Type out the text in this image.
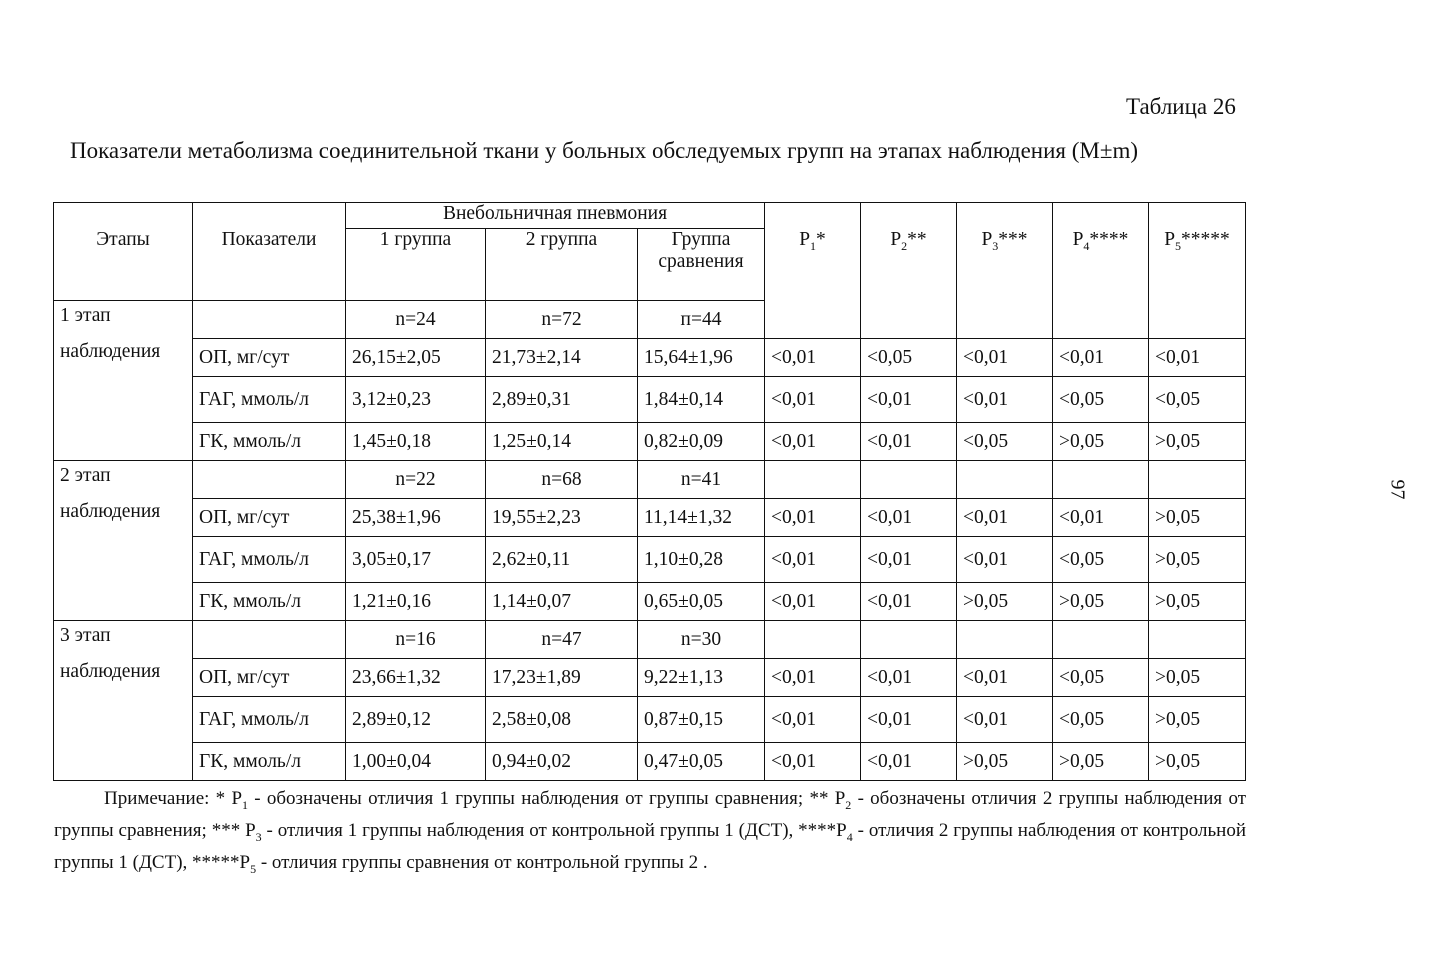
Таблица 26
Показатели метаболизма соединительной ткани у больных обследуемых групп на этапах наблюдения (M±m)
97
Этапы	Показатели	Внебольничная пневмония			$P_1*$	$P_2**$	$P_3***$	$P_4****$	$P_5*****$	
		1 группа	2 группа	Группа
сравнения						

1 этап
наблюдения		n=24	n=72	п=44						
	ОП, мг/сут	26,15±2,05	21,73±2,14	15,64±1,96	<0,01	<0,05	<0,01	<0,01	<0,01	
	ГАГ, ммоль/л	3,12±0,23	2,89±0,31	1,84±0,14	<0,01	<0,01	<0,01	<0,05	<0,05	
	ГК, ммоль/л	1,45±0,18	1,25±0,14	0,82±0,09	<0,01	<0,01	<0,05	>0,05	>0,05	

2 этап
наблюдения		n=22	n=68	n=41						
	ОП, мг/сут	25,38±1,96	19,55±2,23	11,14±1,32	<0,01	<0,01	<0,01	<0,01	>0,05	
	ГАГ, ммоль/л	3,05±0,17	2,62±0,11	1,10±0,28	<0,01	<0,01	<0,01	<0,05	>0,05	
	ГК, ммоль/л	1,21±0,16	1,14±0,07	0,65±0,05	<0,01	<0,01	>0,05	>0,05	>0,05	

3 этап
наблюдения		n=16	n=47	n=30						
	ОП, мг/сут	23,66±1,32	17,23±1,89	9,22±1,13	<0,01	<0,01	<0,01	<0,05	>0,05	
	ГАГ, ммоль/л	2,89±0,12	2,58±0,08	0,87±0,15	<0,01	<0,01	<0,01	<0,05	>0,05	
	ГК, ммоль/л	1,00±0,04	0,94±0,02	0,47±0,05	<0,01	<0,01	>0,05	>0,05	>0,05	
Примечание: * $P_1$ - обозначены отличия 1 группы наблюдения от группы сравнения; ** $P_2$ - обозначены отличия 2 группы наблюдения от группы сравнения; *** $P_3$ - отличия 1 группы наблюдения от контрольной группы 1 (ДСТ), $****P_4$ - отличия 2 группы наблюдения от контрольной группы 1 (ДСТ), $*****P_5$ - отличия группы сравнения от контрольной группы 2 .
